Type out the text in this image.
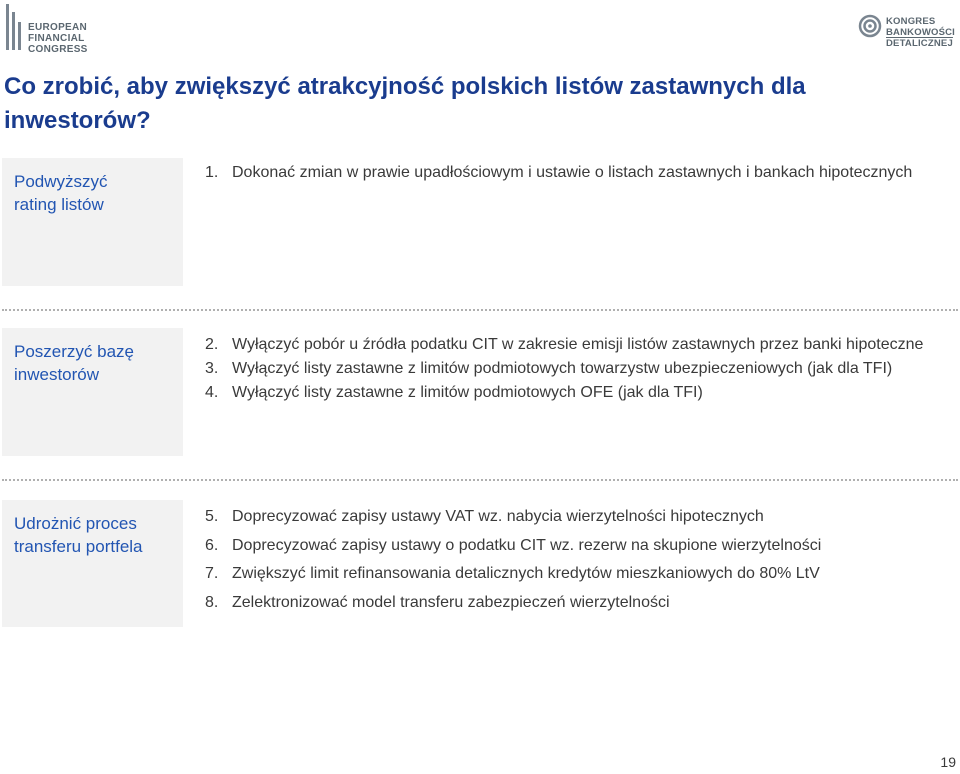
EUROPEAN
FINANCIAL
CONGRESS
KONGRES
BANKOWOŚCI
DETALICZNEJ
Co zrobić, aby zwiększyć atrakcyjność polskich listów zastawnych dla inwestorów?
Podwyższyć
rating listów
1. Dokonać zmian w prawie upadłościowym i ustawie o listach zastawnych i bankach hipotecznych
Poszerzyć bazę
inwestorów
2. Wyłączyć pobór u źródła podatku CIT w zakresie emisji listów zastawnych przez banki hipoteczne
3. Wyłączyć listy zastawne z limitów podmiotowych towarzystw ubezpieczeniowych (jak dla TFI)
4. Wyłączyć listy zastawne z limitów podmiotowych OFE (jak dla TFI)
Udrożnić proces
transferu portfela
5. Doprecyzować zapisy ustawy VAT wz. nabycia wierzytelności hipotecznych
6. Doprecyzować zapisy ustawy o podatku CIT wz. rezerw na skupione wierzytelności
7. Zwiększyć limit refinansowania detalicznych kredytów mieszkaniowych do 80% LtV
8. Zelektronizować model transferu zabezpieczeń wierzytelności
19
